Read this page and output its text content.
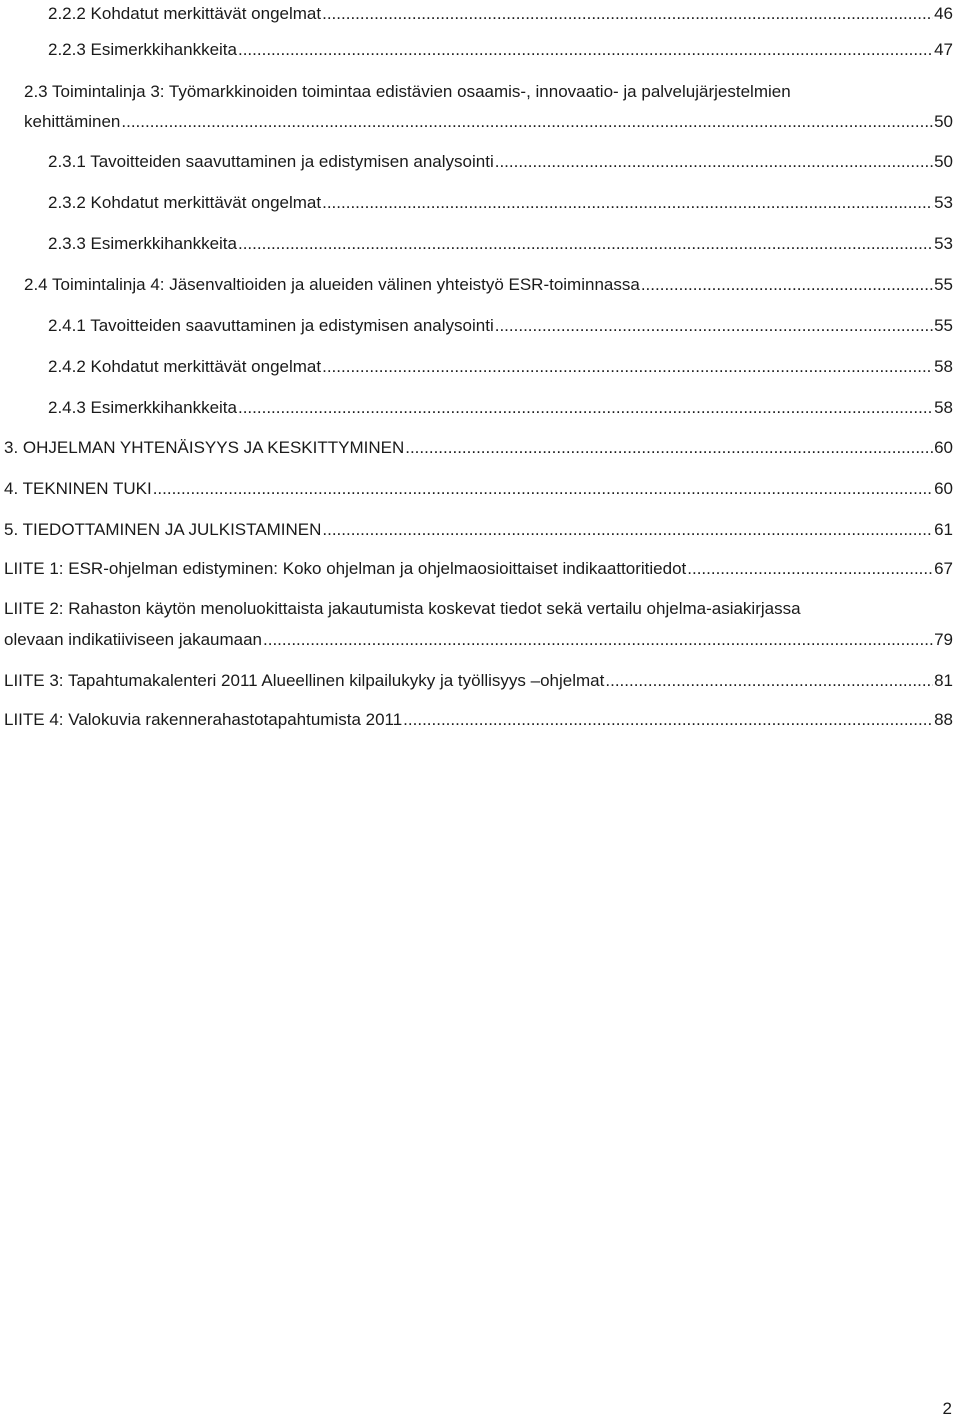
2.2.2 Kohdatut merkittävät ongelmat .....	46
2.2.3 Esimerkkihankkeita .....	47
2.3 Toimintalinja 3: Työmarkkinoiden toimintaa edistävien osaamis-, innovaatio- ja palvelujärjestelmien
kehittäminen .....	50
2.3.1 Tavoitteiden saavuttaminen ja edistymisen analysointi .....	50
2.3.2 Kohdatut merkittävät ongelmat .....	53
2.3.3 Esimerkkihankkeita .....	53
2.4 Toimintalinja 4: Jäsenvaltioiden ja alueiden välinen yhteistyö ESR-toiminnassa .....	55
2.4.1 Tavoitteiden saavuttaminen ja edistymisen analysointi .....	55
2.4.2 Kohdatut merkittävät ongelmat .....	58
2.4.3 Esimerkkihankkeita .....	58
3. OHJELMAN YHTENÄISYYS JA KESKITTYMINEN .....	60
4. TEKNINEN TUKI .....	60
5. TIEDOTTAMINEN JA JULKISTAMINEN .....	61
LIITE 1: ESR-ohjelman edistyminen: Koko ohjelman ja ohjelmaosioittaiset indikaattoritiedot .....	67
LIITE 2: Rahaston käytön menoluokittaista jakautumista koskevat tiedot sekä vertailu ohjelma-asiakirjassa
olevaan indikatiiviseen jakaumaan .....	79
LIITE 3: Tapahtumakalenteri 2011 Alueellinen kilpailukyky ja työllisyys –ohjelmat .....	81
LIITE 4: Valokuvia rakennerahastotapahtumista 2011 .....	88
2
